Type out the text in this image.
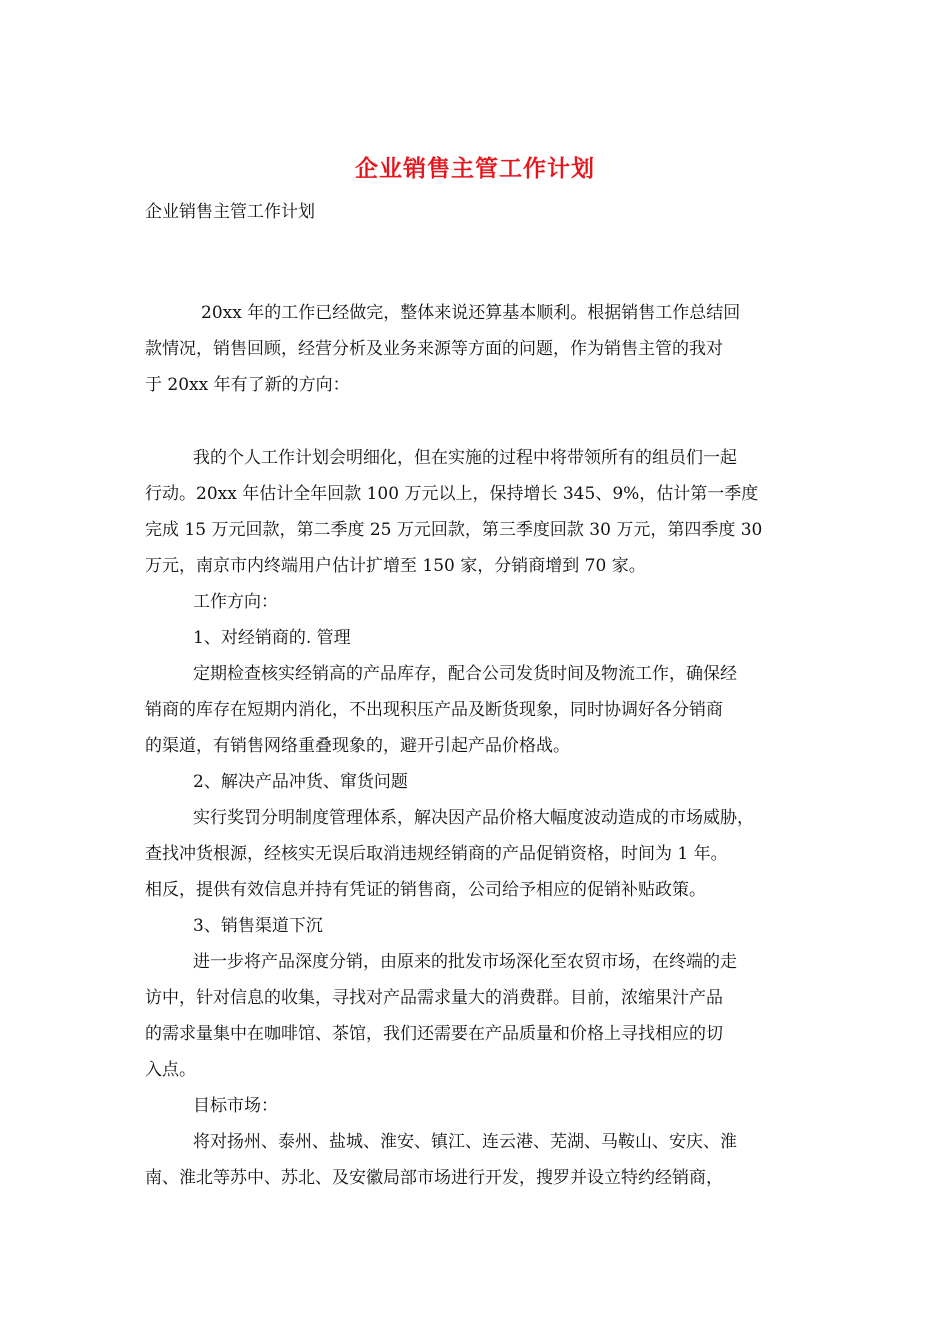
企业销售主管工作计划
企业销售主管工作计划
20xx 年的工作已经做完，整体来说还算基本顺利。根据销售工作总结回
款情况，销售回顾，经营分析及业务来源等方面的问题，作为销售主管的我对
于 20xx 年有了新的方向：
我的个人工作计划会明细化，但在实施的过程中将带领所有的组员们一起
行动。20xx 年估计全年回款 100 万元以上，保持增长 345、9%，估计第一季度
完成 15 万元回款，第二季度 25 万元回款，第三季度回款 30 万元，第四季度 30
万元，南京市内终端用户估计扩增至 150 家，分销商增到 70 家。
工作方向：
1、对经销商的. 管理
定期检查核实经销高的产品库存，配合公司发货时间及物流工作，确保经
销商的库存在短期内消化，不出现积压产品及断货现象，同时协调好各分销商
的渠道，有销售网络重叠现象的，避开引起产品价格战。
2、解决产品冲货、窜货问题
实行奖罚分明制度管理体系，解决因产品价格大幅度波动造成的市场威胁，
查找冲货根源，经核实无误后取消违规经销商的产品促销资格，时间为 1 年。
相反，提供有效信息并持有凭证的销售商，公司给予相应的促销补贴政策。
3、销售渠道下沉
进一步将产品深度分销，由原来的批发市场深化至农贸市场，在终端的走
访中，针对信息的收集，寻找对产品需求量大的消费群。目前，浓缩果汁产品
的需求量集中在咖啡馆、茶馆，我们还需要在产品质量和价格上寻找相应的切
入点。
目标市场：
将对扬州、泰州、盐城、淮安、镇江、连云港、芜湖、马鞍山、安庆、淮
南、淮北等苏中、苏北、及安徽局部市场进行开发，搜罗并设立特约经销商，
